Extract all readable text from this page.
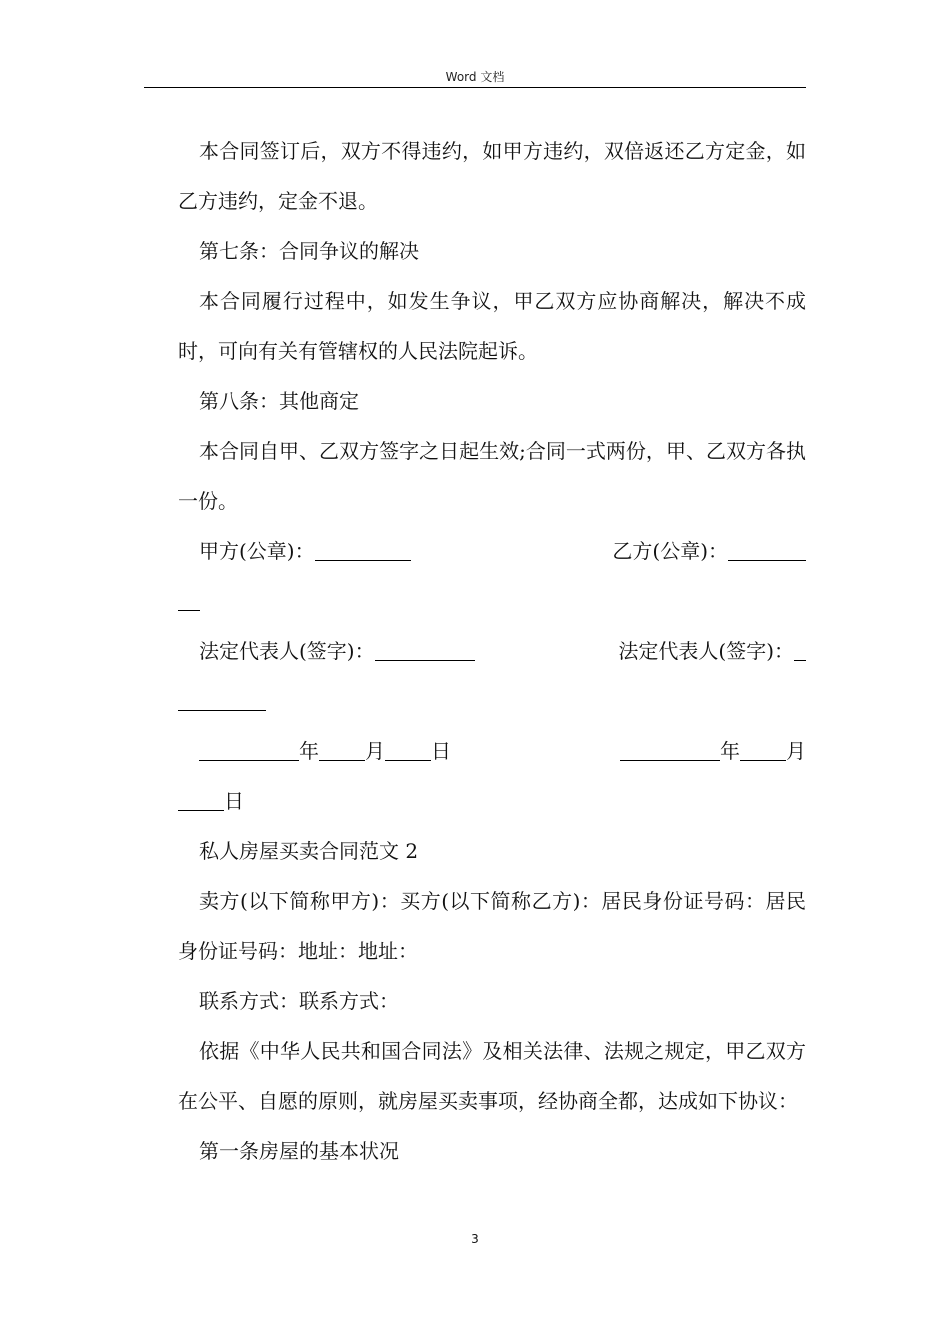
Word 文档

本合同签订后，双方不得违约，如甲方违约，双倍返还乙方定金，如乙方违约，定金不退。

第七条：合同争议的解决

本合同履行过程中，如发生争议，甲乙双方应协商解决，解决不成时，可向有关有管辖权的人民法院起诉。

第八条：其他商定

本合同自甲、乙双方签字之日起生效;合同一式两份，甲、乙双方各执一份。

甲方(公章)：	乙方(公章)：
法定代表人(签字)：	法定代表人(签字)：
年 月 日	年 月
日

私人房屋买卖合同范文 2

卖方(以下简称甲方)：买方(以下简称乙方)：居民身份证号码：居民身份证号码：地址：地址：

联系方式：联系方式：

依据《中华人民共和国合同法》及相关法律、法规之规定，甲乙双方在公平、自愿的原则，就房屋买卖事项，经协商全都，达成如下协议：

第一条房屋的基本状况

3
